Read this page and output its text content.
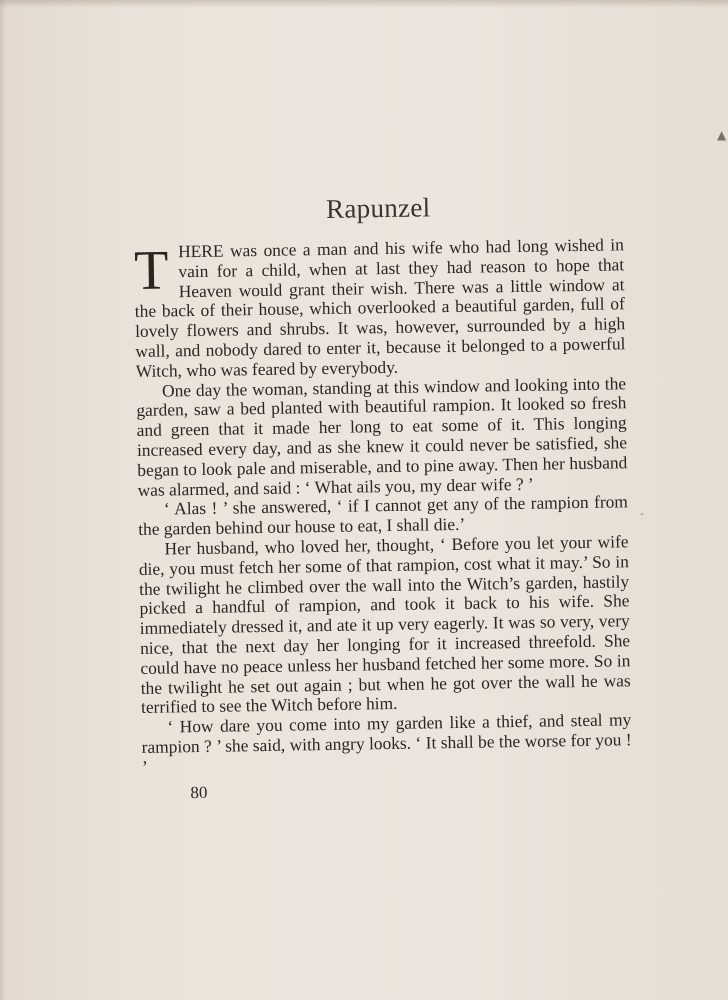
Rapunzel

THERE was once a man and his wife who had long wished in vain for a child, when at last they had reason to hope that Heaven would grant their wish. There was a little window at the back of their house, which overlooked a beautiful garden, full of lovely flowers and shrubs. It was, however, surrounded by a high wall, and nobody dared to enter it, because it belonged to a powerful Witch, who was feared by everybody.

One day the woman, standing at this window and looking into the garden, saw a bed planted with beautiful rampion. It looked so fresh and green that it made her long to eat some of it. This longing increased every day, and as she knew it could never be satisfied, she began to look pale and miserable, and to pine away. Then her husband was alarmed, and said : ‘ What ails you, my dear wife ? ’

‘ Alas ! ’ she answered, ‘ if I cannot get any of the rampion from the garden behind our house to eat, I shall die.’

Her husband, who loved her, thought, ‘ Before you let your wife die, you must fetch her some of that rampion, cost what it may.’ So in the twilight he climbed over the wall into the Witch’s garden, hastily picked a handful of rampion, and took it back to his wife. She immediately dressed it, and ate it up very eagerly. It was so very, very nice, that the next day her longing for it increased threefold. She could have no peace unless her husband fetched her some more. So in the twilight he set out again ; but when he got over the wall he was terrified to see the Witch before him.

‘ How dare you come into my garden like a thief, and steal my rampion ? ’ she said, with angry looks. ‘ It shall be the worse for you ! ’

80
▲
-
